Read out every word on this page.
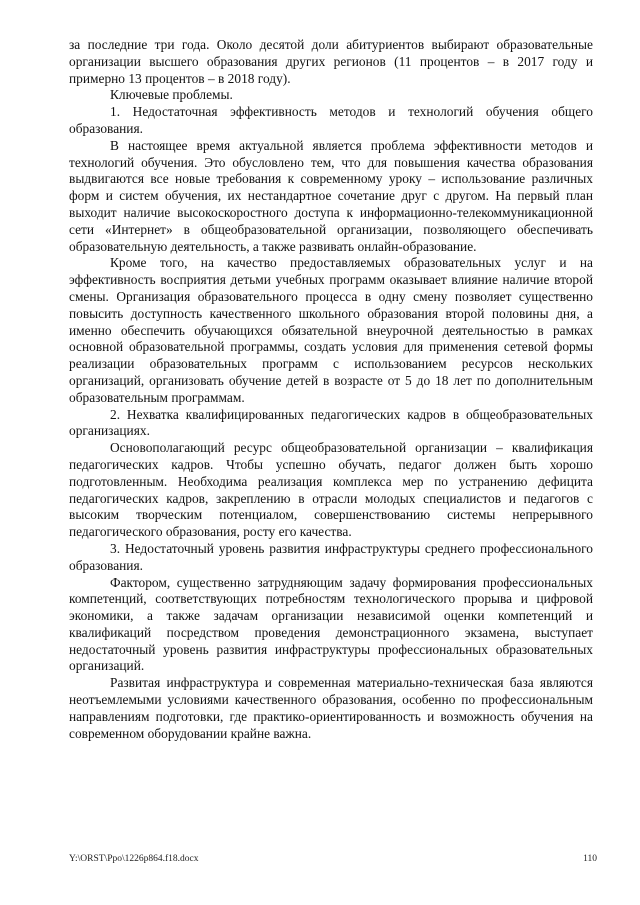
за последние три года. Около десятой доли абитуриентов выбирают образовательные организации высшего образования других регионов (11 процентов – в 2017 году и примерно 13 процентов – в 2018 году).

Ключевые проблемы.

1. Недостаточная эффективность методов и технологий обучения общего образования.

В настоящее время актуальной является проблема эффективности методов и технологий обучения. Это обусловлено тем, что для повышения качества образования выдвигаются все новые требования к современному уроку – использование различных форм и систем обучения, их нестандартное сочетание друг с другом. На первый план выходит наличие высокоскоростного доступа к информационно-телекоммуникационной сети «Интернет» в общеобразовательной организации, позволяющего обеспечивать образовательную деятельность, а также развивать онлайн-образование.

Кроме того, на качество предоставляемых образовательных услуг и на эффективность восприятия детьми учебных программ оказывает влияние наличие второй смены. Организация образовательного процесса в одну смену позволяет существенно повысить доступность качественного школьного образования второй половины дня, а именно обеспечить обучающихся обязательной внеурочной деятельностью в рамках основной образовательной программы, создать условия для применения сетевой формы реализации образовательных программ с использованием ресурсов нескольких организаций, организовать обучение детей в возрасте от 5 до 18 лет по дополнительным образовательным программам.

2. Нехватка квалифицированных педагогических кадров в общеобразовательных организациях.

Основополагающий ресурс общеобразовательной организации – квалификация педагогических кадров. Чтобы успешно обучать, педагог должен быть хорошо подготовленным. Необходима реализация комплекса мер по устранению дефицита педагогических кадров, закреплению в отрасли молодых специалистов и педагогов с высоким творческим потенциалом, совершенствованию системы непрерывного педагогического образования, росту его качества.

3. Недостаточный уровень развития инфраструктуры среднего профессионального образования.

Фактором, существенно затрудняющим задачу формирования профессиональных компетенций, соответствующих потребностям технологического прорыва и цифровой экономики, а также задачам организации независимой оценки компетенций и квалификаций посредством проведения демонстрационного экзамена, выступает недостаточный уровень развития инфраструктуры профессиональных образовательных организаций.

Развитая инфраструктура и современная материально-техническая база являются неотъемлемыми условиями качественного образования, особенно по профессиональным направлениям подготовки, где практико-ориентированность и возможность обучения на современном оборудовании крайне важна.

Y:\ORST\Ppo\1226p864.f18.docx	110
